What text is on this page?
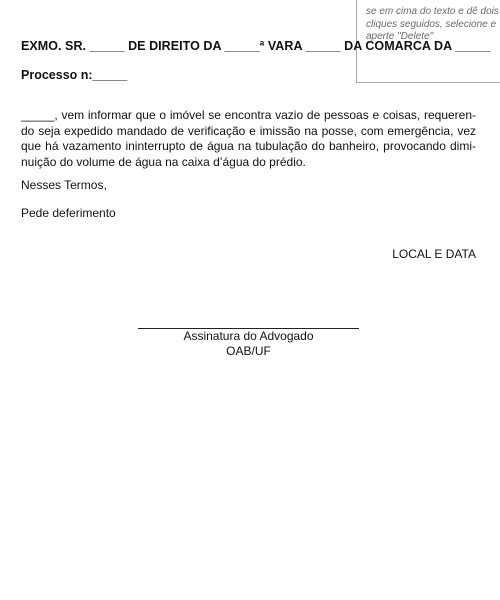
se em cima do texto e dê dois
cliques seguidos, selecione e
aperte "Delete"
EXMO. SR. _____ DE DIREITO DA _____ª VARA _____ DA COMARCA DA _____
Processo n:_____
_____, vem informar que o imóvel se encontra vazio de pessoas e coisas, requeren-
do seja expedido mandado de verificação e imissão na posse, com emergência, vez
que há vazamento ininterrupto de água na tubulação do banheiro, provocando dimi-
nuição do volume de água na caixa d’água do prédio.
Nesses Termos,
Pede deferimento
LOCAL E DATA
Assinatura do Advogado
OAB/UF
